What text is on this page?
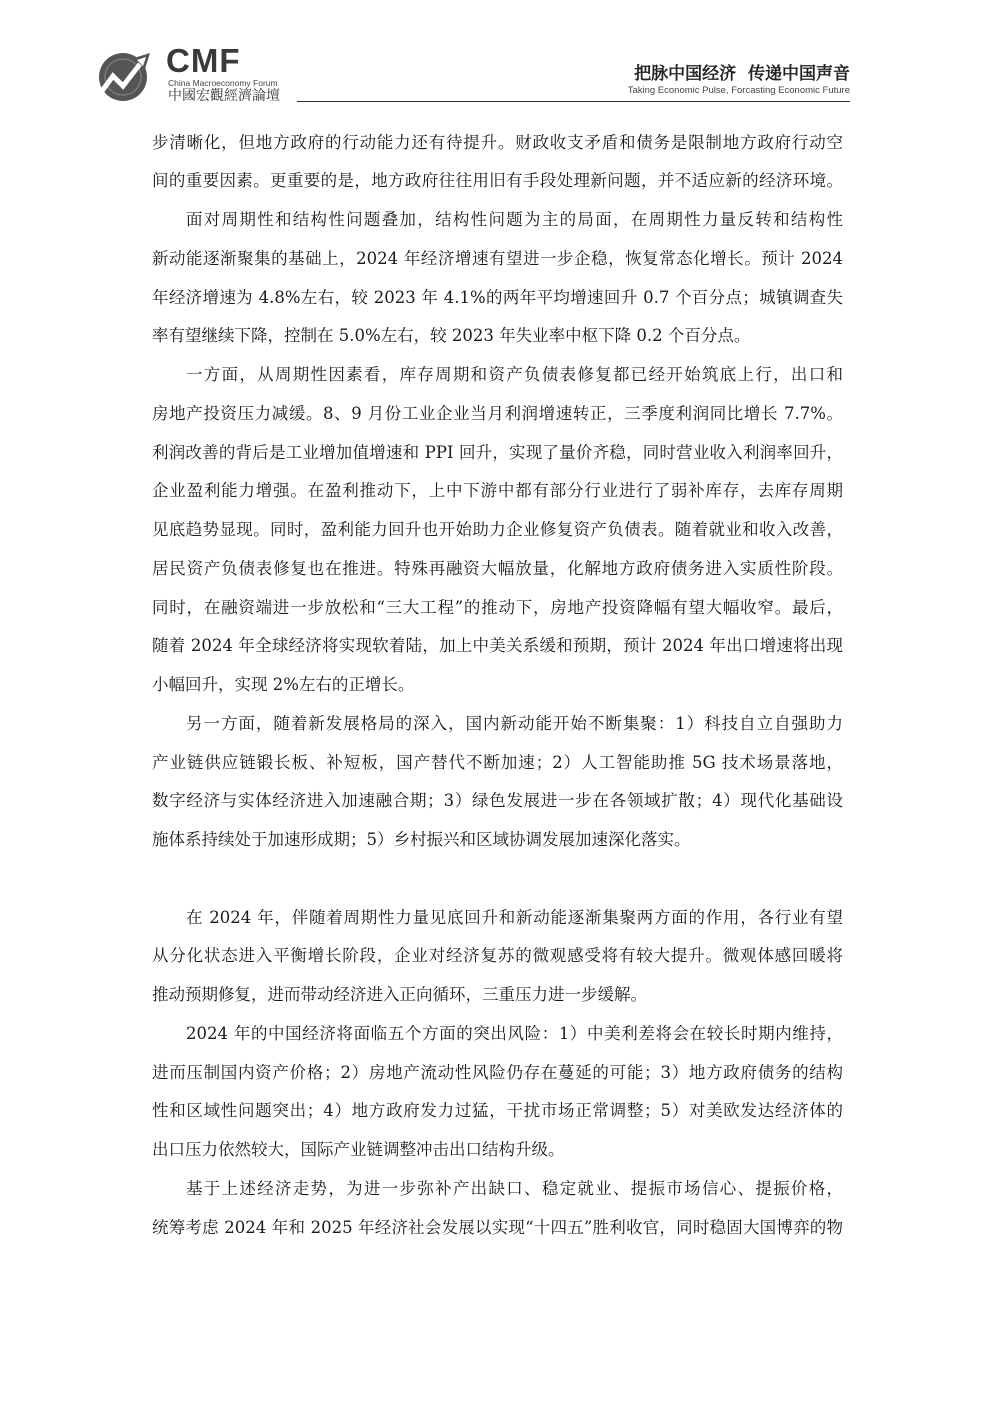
CMF
China Macroeconomy Forum
中國宏觀經濟論壇
把脉中国经济 传递中国声音
Taking Economic Pulse, Forcasting Economic Future
步清晰化，但地方政府的行动能力还有待提升。财政收支矛盾和债务是限制地方政府行动空
间的重要因素。更重要的是，地方政府往往用旧有手段处理新问题，并不适应新的经济环境。
面对周期性和结构性问题叠加，结构性问题为主的局面，在周期性力量反转和结构性
新动能逐渐聚集的基础上，2024 年经济增速有望进一步企稳，恢复常态化增长。预计 2024
年经济增速为 4.8%左右，较 2023 年 4.1%的两年平均增速回升 0.7 个百分点；城镇调查失
率有望继续下降，控制在 5.0%左右，较 2023 年失业率中枢下降 0.2 个百分点。
一方面，从周期性因素看，库存周期和资产负债表修复都已经开始筑底上行，出口和
房地产投资压力减缓。8、9 月份工业企业当月利润增速转正，三季度利润同比增长 7.7%。
利润改善的背后是工业增加值增速和 PPI 回升，实现了量价齐稳，同时营业收入利润率回升，
企业盈利能力增强。在盈利推动下，上中下游中都有部分行业进行了弱补库存，去库存周期
见底趋势显现。同时，盈利能力回升也开始助力企业修复资产负债表。随着就业和收入改善，
居民资产负债表修复也在推进。特殊再融资大幅放量，化解地方政府债务进入实质性阶段。
同时，在融资端进一步放松和“三大工程”的推动下，房地产投资降幅有望大幅收窄。最后，
随着 2024 年全球经济将实现软着陆，加上中美关系缓和预期，预计 2024 年出口增速将出现
小幅回升，实现 2%左右的正增长。
另一方面，随着新发展格局的深入，国内新动能开始不断集聚：1）科技自立自强助力
产业链供应链锻长板、补短板，国产替代不断加速；2）人工智能助推 5G 技术场景落地，
数字经济与实体经济进入加速融合期；3）绿色发展进一步在各领域扩散；4）现代化基础设
施体系持续处于加速形成期；5）乡村振兴和区域协调发展加速深化落实。
在 2024 年，伴随着周期性力量见底回升和新动能逐渐集聚两方面的作用，各行业有望
从分化状态进入平衡增长阶段，企业对经济复苏的微观感受将有较大提升。微观体感回暖将
推动预期修复，进而带动经济进入正向循环，三重压力进一步缓解。
2024 年的中国经济将面临五个方面的突出风险：1）中美利差将会在较长时期内维持，
进而压制国内资产价格；2）房地产流动性风险仍存在蔓延的可能；3）地方政府债务的结构
性和区域性问题突出；4）地方政府发力过猛，干扰市场正常调整；5）对美欧发达经济体的
出口压力依然较大，国际产业链调整冲击出口结构升级。
基于上述经济走势，为进一步弥补产出缺口、稳定就业、提振市场信心、提振价格，
统筹考虑 2024 年和 2025 年经济社会发展以实现“十四五”胜利收官，同时稳固大国博弈的物
